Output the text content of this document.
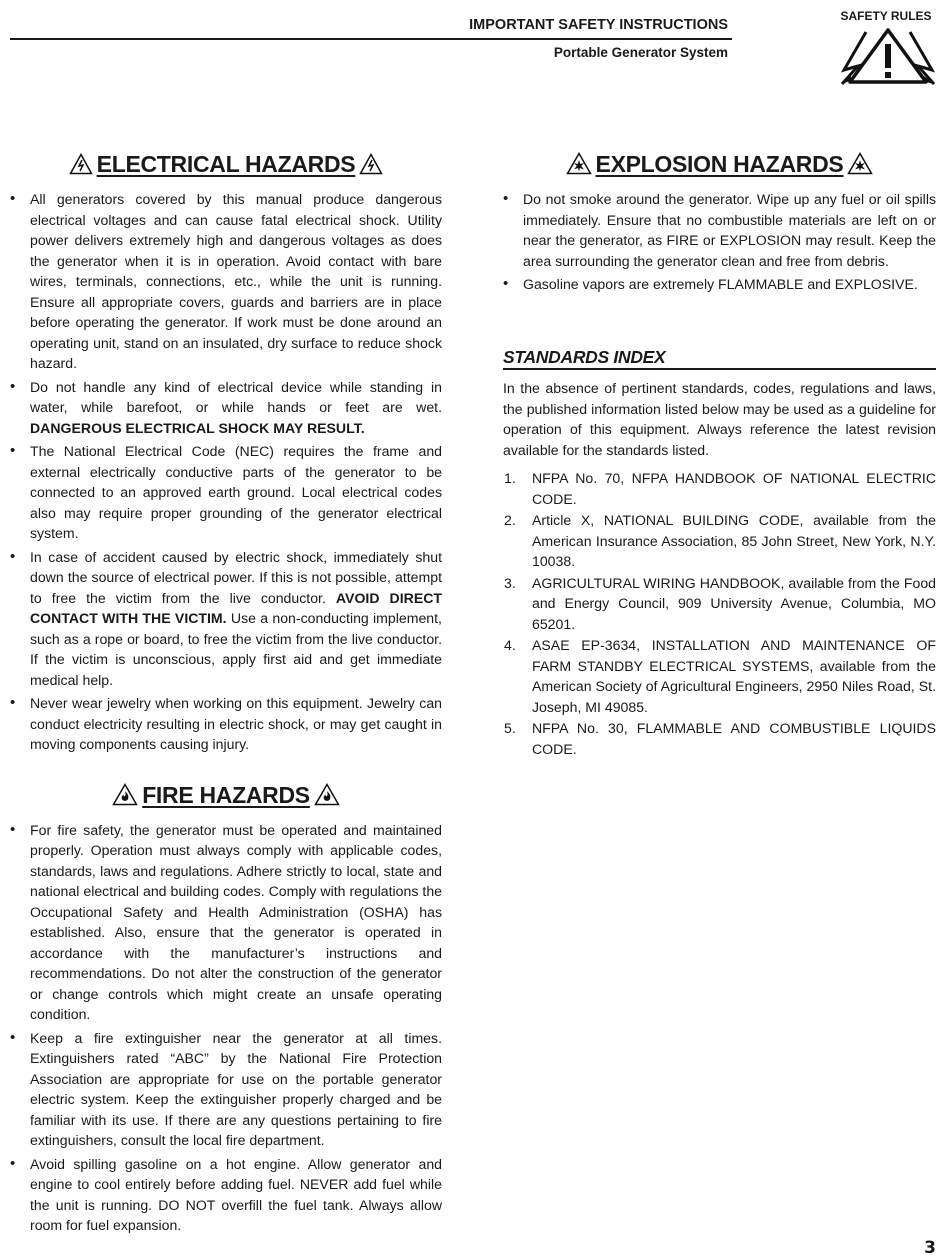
IMPORTANT SAFETY INSTRUCTIONS
Portable Generator System
SAFETY RULES
ELECTRICAL HAZARDS
• All generators covered by this manual produce dangerous electrical voltages and can cause fatal electrical shock. Utility power delivers extremely high and dangerous voltages as does the generator when it is in operation. Avoid contact with bare wires, terminals, connections, etc., while the unit is running. Ensure all appropriate covers, guards and barriers are in place before operating the generator. If work must be done around an operating unit, stand on an insulated, dry surface to reduce shock hazard.
• Do not handle any kind of electrical device while standing in water, while barefoot, or while hands or feet are wet. DANGEROUS ELECTRICAL SHOCK MAY RESULT.
• The National Electrical Code (NEC) requires the frame and external electrically conductive parts of the generator to be connected to an approved earth ground. Local electrical codes also may require proper grounding of the generator electrical system.
• In case of accident caused by electric shock, immediately shut down the source of electrical power. If this is not possible, attempt to free the victim from the live conductor. AVOID DIRECT CONTACT WITH THE VICTIM. Use a non-conducting implement, such as a rope or board, to free the victim from the live conductor. If the victim is unconscious, apply first aid and get immediate medical help.
• Never wear jewelry when working on this equipment. Jewelry can conduct electricity resulting in electric shock, or may get caught in moving components causing injury.
FIRE HAZARDS
• For fire safety, the generator must be operated and maintained properly. Operation must always comply with applicable codes, standards, laws and regulations. Adhere strictly to local, state and national electrical and building codes. Comply with regulations the Occupational Safety and Health Administration (OSHA) has established. Also, ensure that the generator is operated in accordance with the manufacturer’s instructions and recommendations. Do not alter the construction of the generator or change controls which might create an unsafe operating condition.
• Keep a fire extinguisher near the generator at all times. Extinguishers rated “ABC” by the National Fire Protection Association are appropriate for use on the portable generator electric system. Keep the extinguisher properly charged and be familiar with its use. If there are any questions pertaining to fire extinguishers, consult the local fire department.
• Avoid spilling gasoline on a hot engine. Allow generator and engine to cool entirely before adding fuel. NEVER add fuel while the unit is running. DO NOT overfill the fuel tank. Always allow room for fuel expansion.
EXPLOSION HAZARDS
• Do not smoke around the generator. Wipe up any fuel or oil spills immediately. Ensure that no combustible materials are left on or near the generator, as FIRE or EXPLOSION may result. Keep the area surrounding the generator clean and free from debris.
• Gasoline vapors are extremely FLAMMABLE and EXPLOSIVE.
STANDARDS INDEX

In the absence of pertinent standards, codes, regulations and laws, the published information listed below may be used as a guideline for operation of this equipment. Always reference the latest revision available for the standards listed.

1. NFPA No. 70, NFPA HANDBOOK OF NATIONAL ELECTRIC CODE.
2. Article X, NATIONAL BUILDING CODE, available from the American Insurance Association, 85 John Street, New York, N.Y. 10038.
3. AGRICULTURAL WIRING HANDBOOK, available from the Food and Energy Council, 909 University Avenue, Columbia, MO 65201.
4. ASAE EP-3634, INSTALLATION AND MAINTENANCE OF FARM STANDBY ELECTRICAL SYSTEMS, available from the American Society of Agricultural Engineers, 2950 Niles Road, St. Joseph, MI 49085.
5. NFPA No. 30, FLAMMABLE AND COMBUSTIBLE LIQUIDS CODE.
3
